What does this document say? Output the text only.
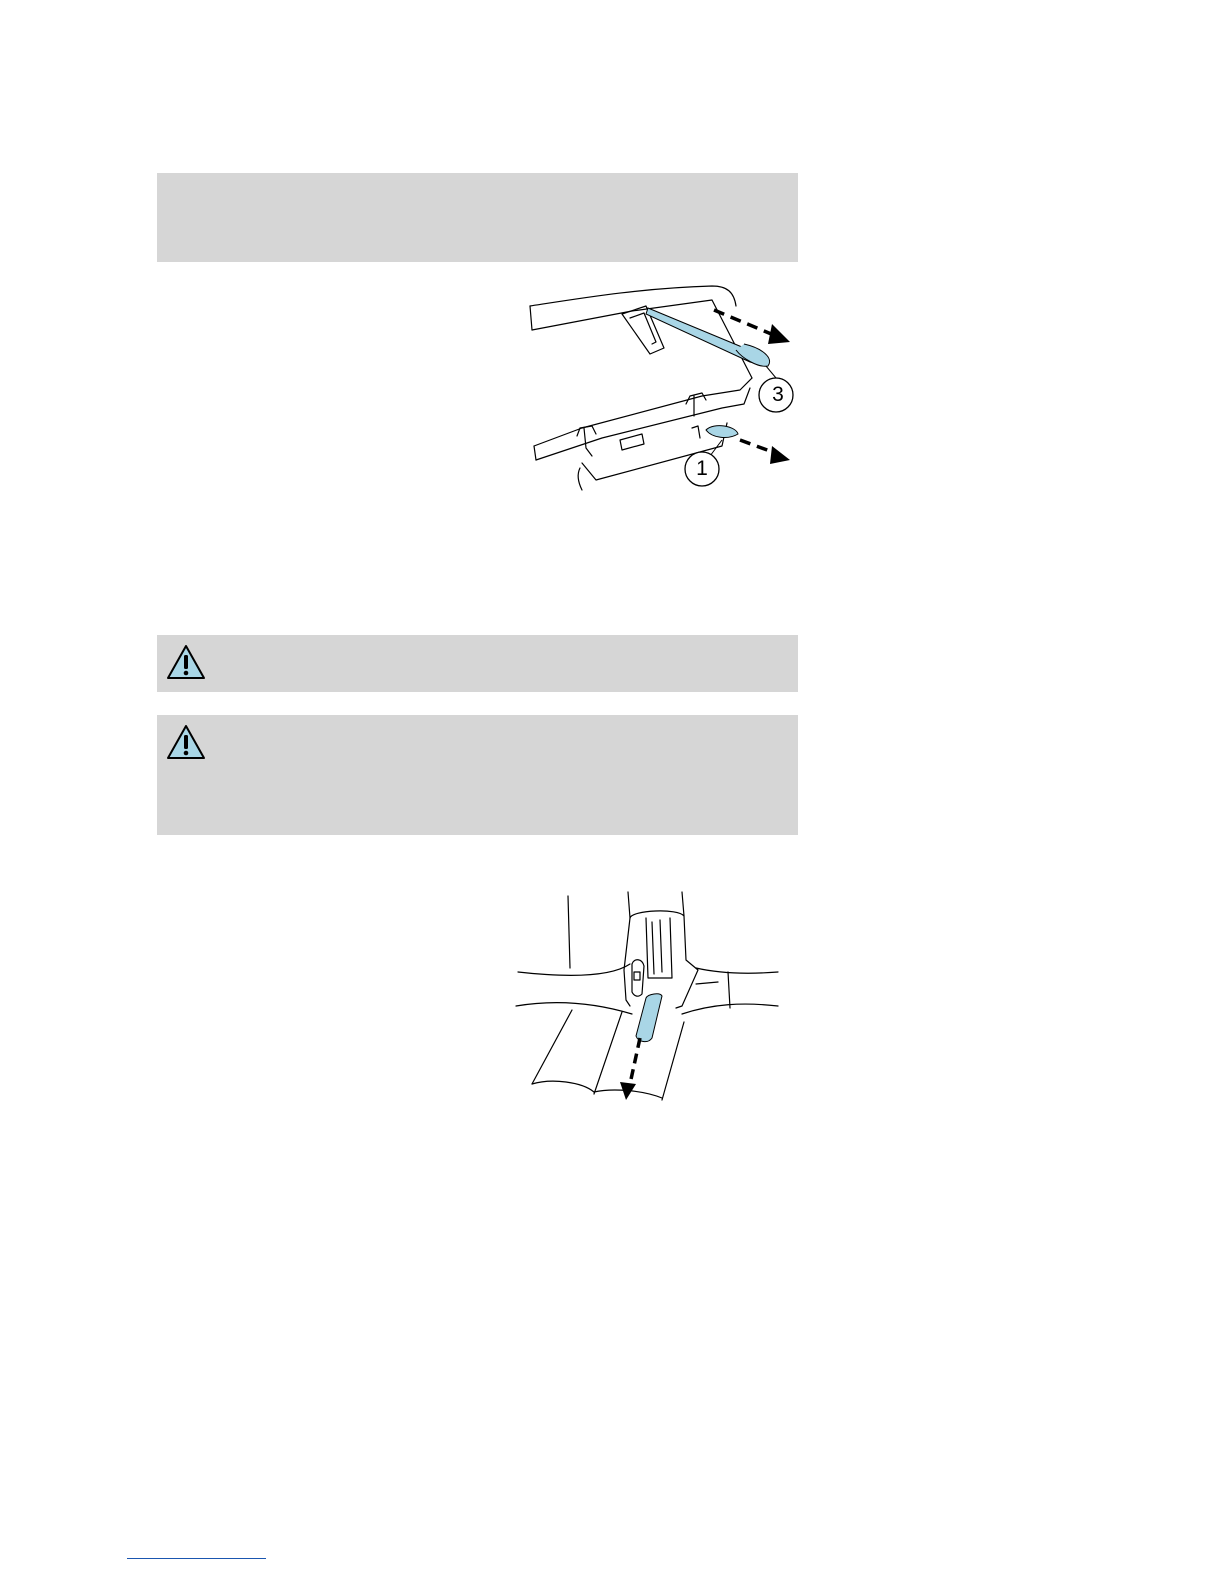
3
1
